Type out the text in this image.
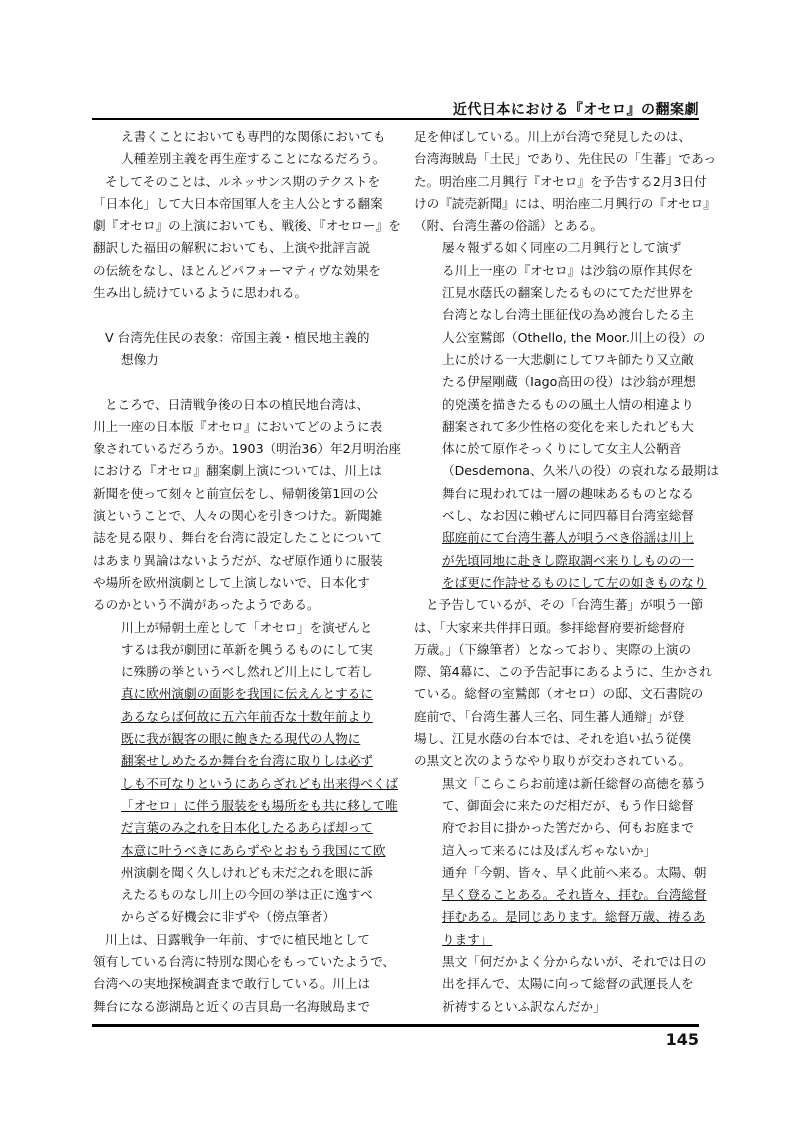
近代日本における『オセロ』の翻案劇
え書くことにおいても専門的な関係においても
人種差別主義を再生産することになるだろう。
そしてそのことは、ルネッサンス期のテクストを
「日本化」して大日本帝国軍人を主人公とする翻案
劇『オセロ』の上演においても、戦後、『オセロー』を
翻訳した福田の解釈においても、上演や批評言説
の伝統をなし、ほとんどパフォーマティヴな効果を
生み出し続けているように思われる。
Ⅴ 台湾先住民の表象：帝国主義・植民地主義的
想像力
ところで、日清戦争後の日本の植民地台湾は、
川上一座の日本版『オセロ』においてどのように表
象されているだろうか。1903（明治36）年2月明治座
における『オセロ』翻案劇上演については、川上は
新聞を使って刻々と前宣伝をし、帰朝後第1回の公
演ということで、人々の関心を引きつけた。新聞雑
誌を見る限り、舞台を台湾に設定したことについて
はあまり異論はないようだが、なぜ原作通りに服装
や場所を欧州演劇として上演しないで、日本化す
るのかという不満があったようである。
川上が帰朝土産として「オセロ」を演ぜんと
するは我が劇団に革新を興うるものにして実
に殊勝の挙というべし然れど川上にして若し
真に欧州演劇の面影を我国に伝えんとするに
あるならば何故に五六年前否な十数年前より
既に我が観客の眼に飽きたる現代の人物に
翻案せしめたるか舞台を台湾に取りしは必ず
しも不可なりというにあらざれども出来得べくば
「オセロ」に伴う服装をも場所をも共に移して唯
だ言葉のみ之れを日本化したるあらば却って
本意に叶うべきにあらずやとおもう我国にて欧
州演劇を聞く久しけれども未だ之れを眼に訴
えたるものなし川上の今回の挙は正に逸すべ
からざる好機会に非ずや（傍点筆者）
川上は、日露戦争一年前、すでに植民地として
領有している台湾に特別な関心をもっていたようで、
台湾への実地探検調査まで敢行している。川上は
舞台になる澎湖島と近くの吉貝島一名海賊島まで
足を伸ばしている。川上が台湾で発見したのは、
台湾海賊島「土民」であり、先住民の「生蕃」であっ
た。明治座二月興行『オセロ』を予告する2月3日付
けの『読売新聞』には、明治座二月興行の『オセロ』
（附、台湾生蕃の俗謡）とある。
屡々報ずる如く同座の二月興行として演ず
る川上一座の『オセロ』は沙翁の原作其侭を
江見水蔭氏の翻案したるものにてただ世界を
台湾となし台湾土匪征伐の為め渡台したる主
人公室鷲郎（Othello, the Moor.川上の役）の
上に於ける一大悲劇にしてワキ師たり又立敵
たる伊屋剛蔵（Iago高田の役）は沙翁が理想
的兇漢を描きたるものの風土人情の相違より
翻案されて多少性格の変化を来したれども大
体に於て原作そっくりにして女主人公鞆音
（Desdemona、久米八の役）の哀れなる最期は
舞台に現われては一層の趣味あるものとなる
べし、なお因に賴ぜんに同四幕目台湾室総督
邸庭前にて台湾生蕃人が唄うべき俗謡は川上
が先頃同地に赴きし際取調べ来りしものの一
をば更に作詩せるものにして左の如きものなり
と予告しているが、その「台湾生蕃」が唄う一節
は、「大家来共伴拝日頭。参拝総督府要祈総督府
万歳。」（下線筆者）となっており、実際の上演の
際、第4幕に、この予告記事にあるように、生かされ
ている。総督の室鷲郎（オセロ）の邸、文石書院の
庭前で、「台湾生蕃人三名、同生蕃人通辯」が登
場し、江見水蔭の台本では、それを追い払う従僕
の黒文と次のようなやり取りが交わされている。
黒文「こらこらお前達は新任総督の高徳を慕う
て、御面会に来たのだ相だが、もう作日総督
府でお目に掛かった筈だから、何もお庭まで
這入って来るには及ばんぢゃないか」
通弁「今朝、皆々、早く此前へ来る。太陽、朝
早く登ることある。それ皆々、拝む。台湾総督
拝むある。是同じあります。総督万歳、祷るあ
ります」
黒文「何だかよく分からないが、それでは日の
出を拝んで、太陽に向って総督の武運長人を
祈祷するといふ訳なんだか」
145
